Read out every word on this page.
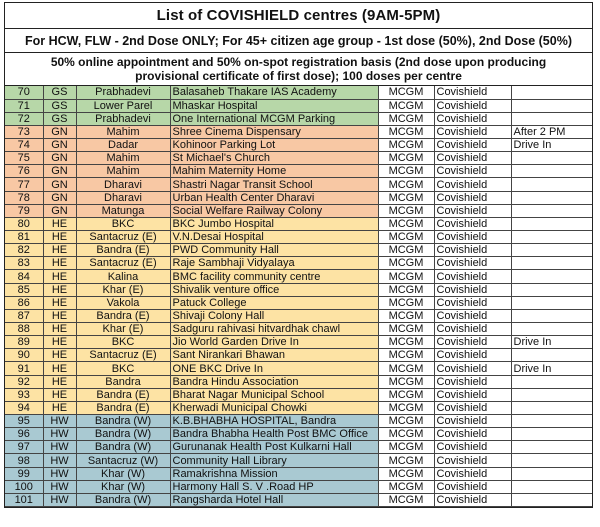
List of COVISHIELD centres (9AM-5PM)
For HCW, FLW - 2nd Dose ONLY; For 45+ citizen age group - 1st dose (50%), 2nd Dose (50%)
50% online appointment and 50% on-spot registration basis (2nd dose upon producing
provisional certificate of first dose); 100 doses per centre
70	GS	Prabhadevi	Balasaheb Thakare IAS Academy	MCGM	Covishield	
71	GS	Lower Parel	Mhaskar Hospital	MCGM	Covishield	
72	GS	Prabhadevi	One International MCGM Parking	MCGM	Covishield	
73	GN	Mahim	Shree Cinema Dispensary	MCGM	Covishield	After 2 PM
74	GN	Dadar	Kohinoor Parking Lot	MCGM	Covishield	Drive In
75	GN	Mahim	St Michael's Church	MCGM	Covishield	
76	GN	Mahim	Mahim Maternity Home	MCGM	Covishield	
77	GN	Dharavi	Shastri Nagar Transit School	MCGM	Covishield	
78	GN	Dharavi	Urban Health Center Dharavi	MCGM	Covishield	
79	GN	Matunga	Social Welfare Railway Colony	MCGM	Covishield	
80	HE	BKC	BKC Jumbo Hospital	MCGM	Covishield	
81	HE	Santacruz (E)	V.N.Desai Hospital	MCGM	Covishield	
82	HE	Bandra (E)	PWD Community Hall	MCGM	Covishield	
83	HE	Santacruz (E)	Raje Sambhaji Vidyalaya	MCGM	Covishield	
84	HE	Kalina	BMC facility community centre	MCGM	Covishield	
85	HE	Khar (E)	Shivalik venture office	MCGM	Covishield	
86	HE	Vakola	Patuck College	MCGM	Covishield	
87	HE	Bandra (E)	Shivaji Colony Hall	MCGM	Covishield	
88	HE	Khar (E)	Sadguru rahivasi hitvardhak chawl	MCGM	Covishield	
89	HE	BKC	Jio World Garden Drive In	MCGM	Covishield	Drive In
90	HE	Santacruz (E)	Sant Nirankari Bhawan	MCGM	Covishield	
91	HE	BKC	ONE BKC Drive In	MCGM	Covishield	Drive In
92	HE	Bandra	Bandra Hindu Association	MCGM	Covishield	
93	HE	Bandra (E)	Bharat Nagar Municipal School	MCGM	Covishield	
94	HE	Bandra (E)	Kherwadi Municipal Chowki	MCGM	Covishield	
95	HW	Bandra (W)	K.B.BHABHA HOSPITAL, Bandra	MCGM	Covishield	
96	HW	Bandra (W)	Bandra Bhabha Health Post BMC Office	MCGM	Covishield	
97	HW	Bandra (W)	Gurunanak Health Post Kulkarni Hall	MCGM	Covishield	
98	HW	Santacruz (W)	Community Hall Library	MCGM	Covishield	
99	HW	Khar (W)	Ramakrishna Mission	MCGM	Covishield	
100	HW	Khar (W)	Harmony Hall S. V .Road HP	MCGM	Covishield	
101	HW	Bandra (W)	Rangsharda Hotel Hall	MCGM	Covishield	
